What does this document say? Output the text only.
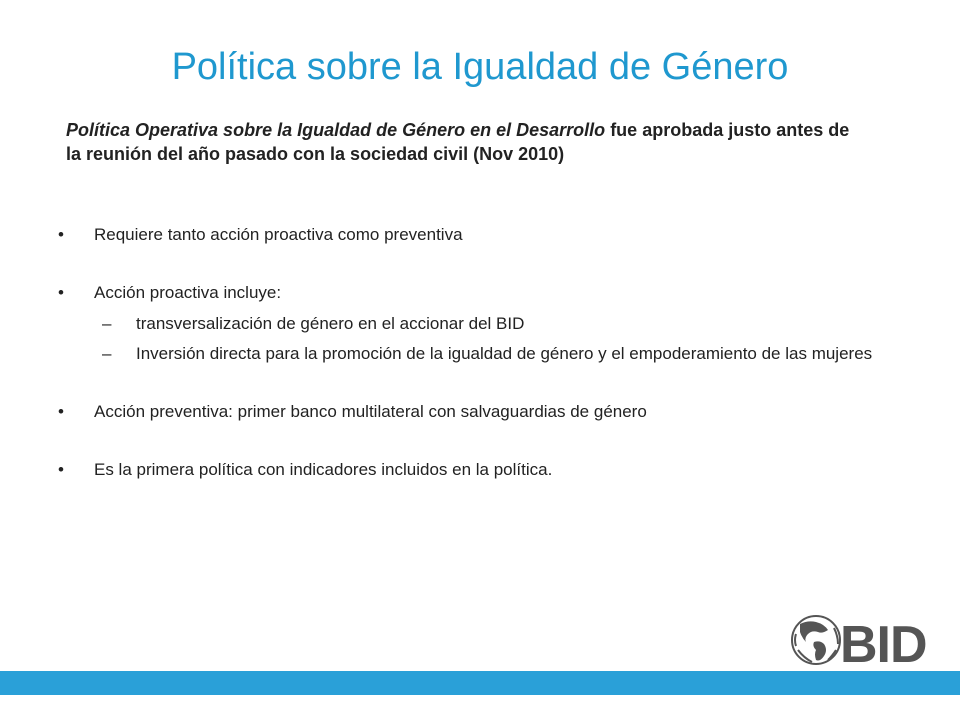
Política sobre la Igualdad de Género

Política Operativa sobre la Igualdad de Género en el Desarrollo fue aprobada justo antes de la reunión del año pasado con la sociedad civil (Nov 2010)

• Requiere tanto acción proactiva como preventiva
• Acción proactiva incluye:
– transversalización de género en el accionar del BID
– Inversión directa para la promoción de la igualdad de género y el empoderamiento de las mujeres
• Acción preventiva: primer banco multilateral con salvaguardias de género
• Es la primera política con indicadores incluidos en la política.
BID
